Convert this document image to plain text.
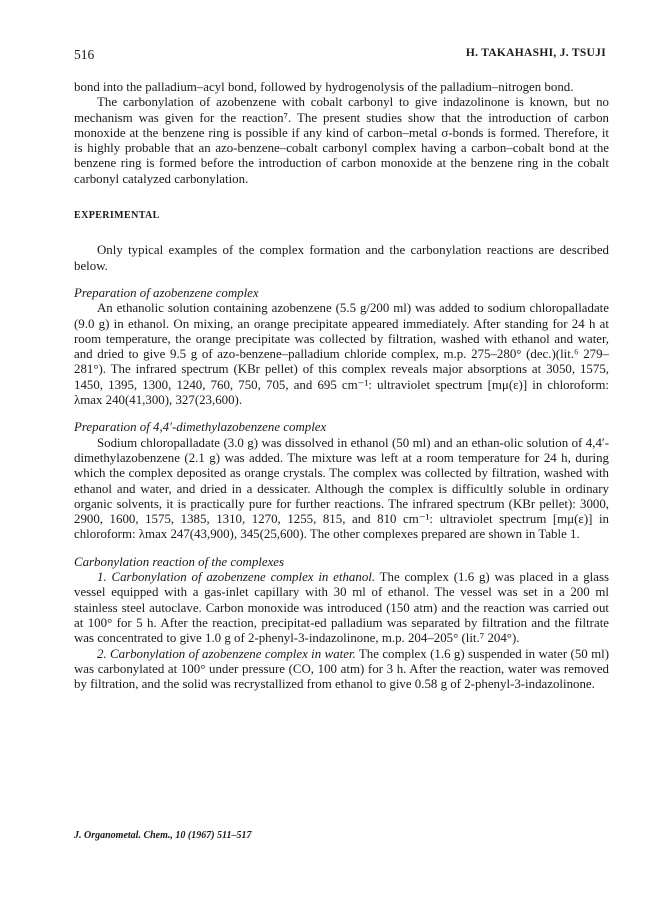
516	H. TAKAHASHI, J. TSUJI

bond into the palladium–acyl bond, followed by hydrogenolysis of the palladium–nitrogen bond.

The carbonylation of azobenzene with cobalt carbonyl to give indazolinone is known, but no mechanism was given for the reaction⁷. The present studies show that the introduction of carbon monoxide at the benzene ring is possible if any kind of carbon–metal σ-bonds is formed. Therefore, it is highly probable that an azo-benzene–cobalt carbonyl complex having a carbon–cobalt bond at the benzene ring is formed before the introduction of carbon monoxide at the benzene ring in the cobalt carbonyl catalyzed carbonylation.

EXPERIMENTAL

Only typical examples of the complex formation and the carbonylation reactions are described below.

Preparation of azobenzene complex

An ethanolic solution containing azobenzene (5.5 g/200 ml) was added to sodium chloropalladate (9.0 g) in ethanol. On mixing, an orange precipitate appeared immediately. After standing for 24 h at room temperature, the orange precipitate was collected by filtration, washed with ethanol and water, and dried to give 9.5 g of azo-benzene–palladium chloride complex, m.p. 275–280° (dec.)(lit.⁶ 279–281°). The infrared spectrum (KBr pellet) of this complex reveals major absorptions at 3050, 1575, 1450, 1395, 1300, 1240, 760, 750, 705, and 695 cm⁻¹: ultraviolet spectrum [mμ(ε)] in chloroform: λmax 240(41,300), 327(23,600).

Preparation of 4,4′-dimethylazobenzene complex

Sodium chloropalladate (3.0 g) was dissolved in ethanol (50 ml) and an ethan-olic solution of 4,4′-dimethylazobenzene (2.1 g) was added. The mixture was left at a room temperature for 24 h, during which the complex deposited as orange crystals. The complex was collected by filtration, washed with ethanol and water, and dried in a dessicater. Although the complex is difficultly soluble in ordinary organic solvents, it is practically pure for further reactions. The infrared spectrum (KBr pellet): 3000, 2900, 1600, 1575, 1385, 1310, 1270, 1255, 815, and 810 cm⁻¹: ultraviolet spectrum [mμ(ε)] in chloroform: λmax 247(43,900), 345(25,600). The other complexes prepared are shown in Table 1.

Carbonylation reaction of the complexes

1. Carbonylation of azobenzene complex in ethanol. The complex (1.6 g) was placed in a glass vessel equipped with a gas-inlet capillary with 30 ml of ethanol. The vessel was set in a 200 ml stainless steel autoclave. Carbon monoxide was introduced (150 atm) and the reaction was carried out at 100° for 5 h. After the reaction, precipitat-ed palladium was separated by filtration and the filtrate was concentrated to give 1.0 g of 2-phenyl-3-indazolinone, m.p. 204–205° (lit.⁷ 204°).

2. Carbonylation of azobenzene complex in water. The complex (1.6 g) suspended in water (50 ml) was carbonylated at 100° under pressure (CO, 100 atm) for 3 h. After the reaction, water was removed by filtration, and the solid was recrystallized from ethanol to give 0.58 g of 2-phenyl-3-indazolinone.

J. Organometal. Chem., 10 (1967) 511–517
